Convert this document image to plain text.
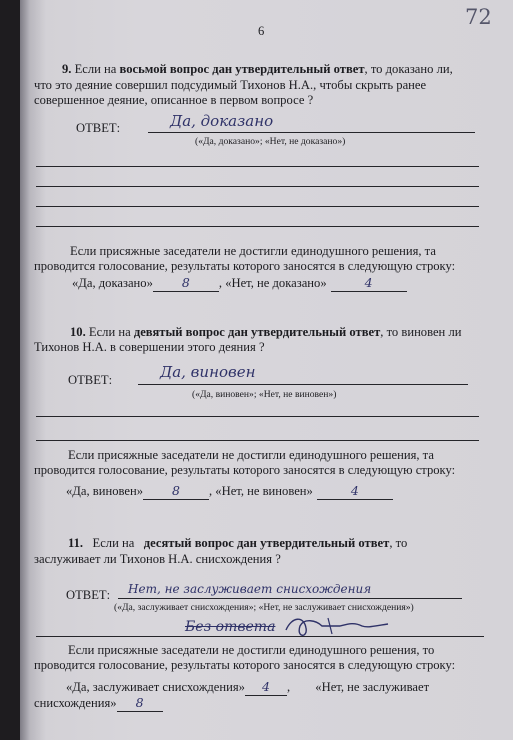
6
72
9. Если на восьмой вопрос дан утвердительный ответ, то доказано ли,
что это деяние совершил подсудимый Тихонов Н.А., чтобы скрыть ранее
совершенное деяние, описанное в первом вопросе ?
ОТВЕТ:	Да, доказано
(«Да, доказано»; «Нет, не доказано»)
Если присяжные заседатели не достигли единодушного решения, та
проводится голосование, результаты которого заносятся в следующую строку:
«Да, доказано»	8	, «Нет, не доказано»	4
10. Если на девятый вопрос дан утвердительный ответ, то виновен ли
Тихонов Н.А. в совершении этого деяния ?
ОТВЕТ:	Да, виновен
(«Да, виновен»; «Нет, не виновен»)
Если присяжные заседатели не достигли единодушного решения, та
проводится голосование, результаты которого заносятся в следующую строку:
«Да, виновен»	8	, «Нет, не виновен»	4
11. Если на десятый вопрос дан утвердительный ответ, то
заслуживает ли Тихонов Н.А. снисхождения ?
ОТВЕТ: Нет, не заслуживает снисхождения
(«Да, заслуживает снисхождения»; «Нет, не заслуживает снисхождения»)
Без ответа
Если присяжные заседатели не достигли единодушного решения, то
проводится голосование, результаты которого заносятся в следующую строку:
«Да, заслуживает снисхождения»	4	,        «Нет, не заслуживает
снисхождения»	8
